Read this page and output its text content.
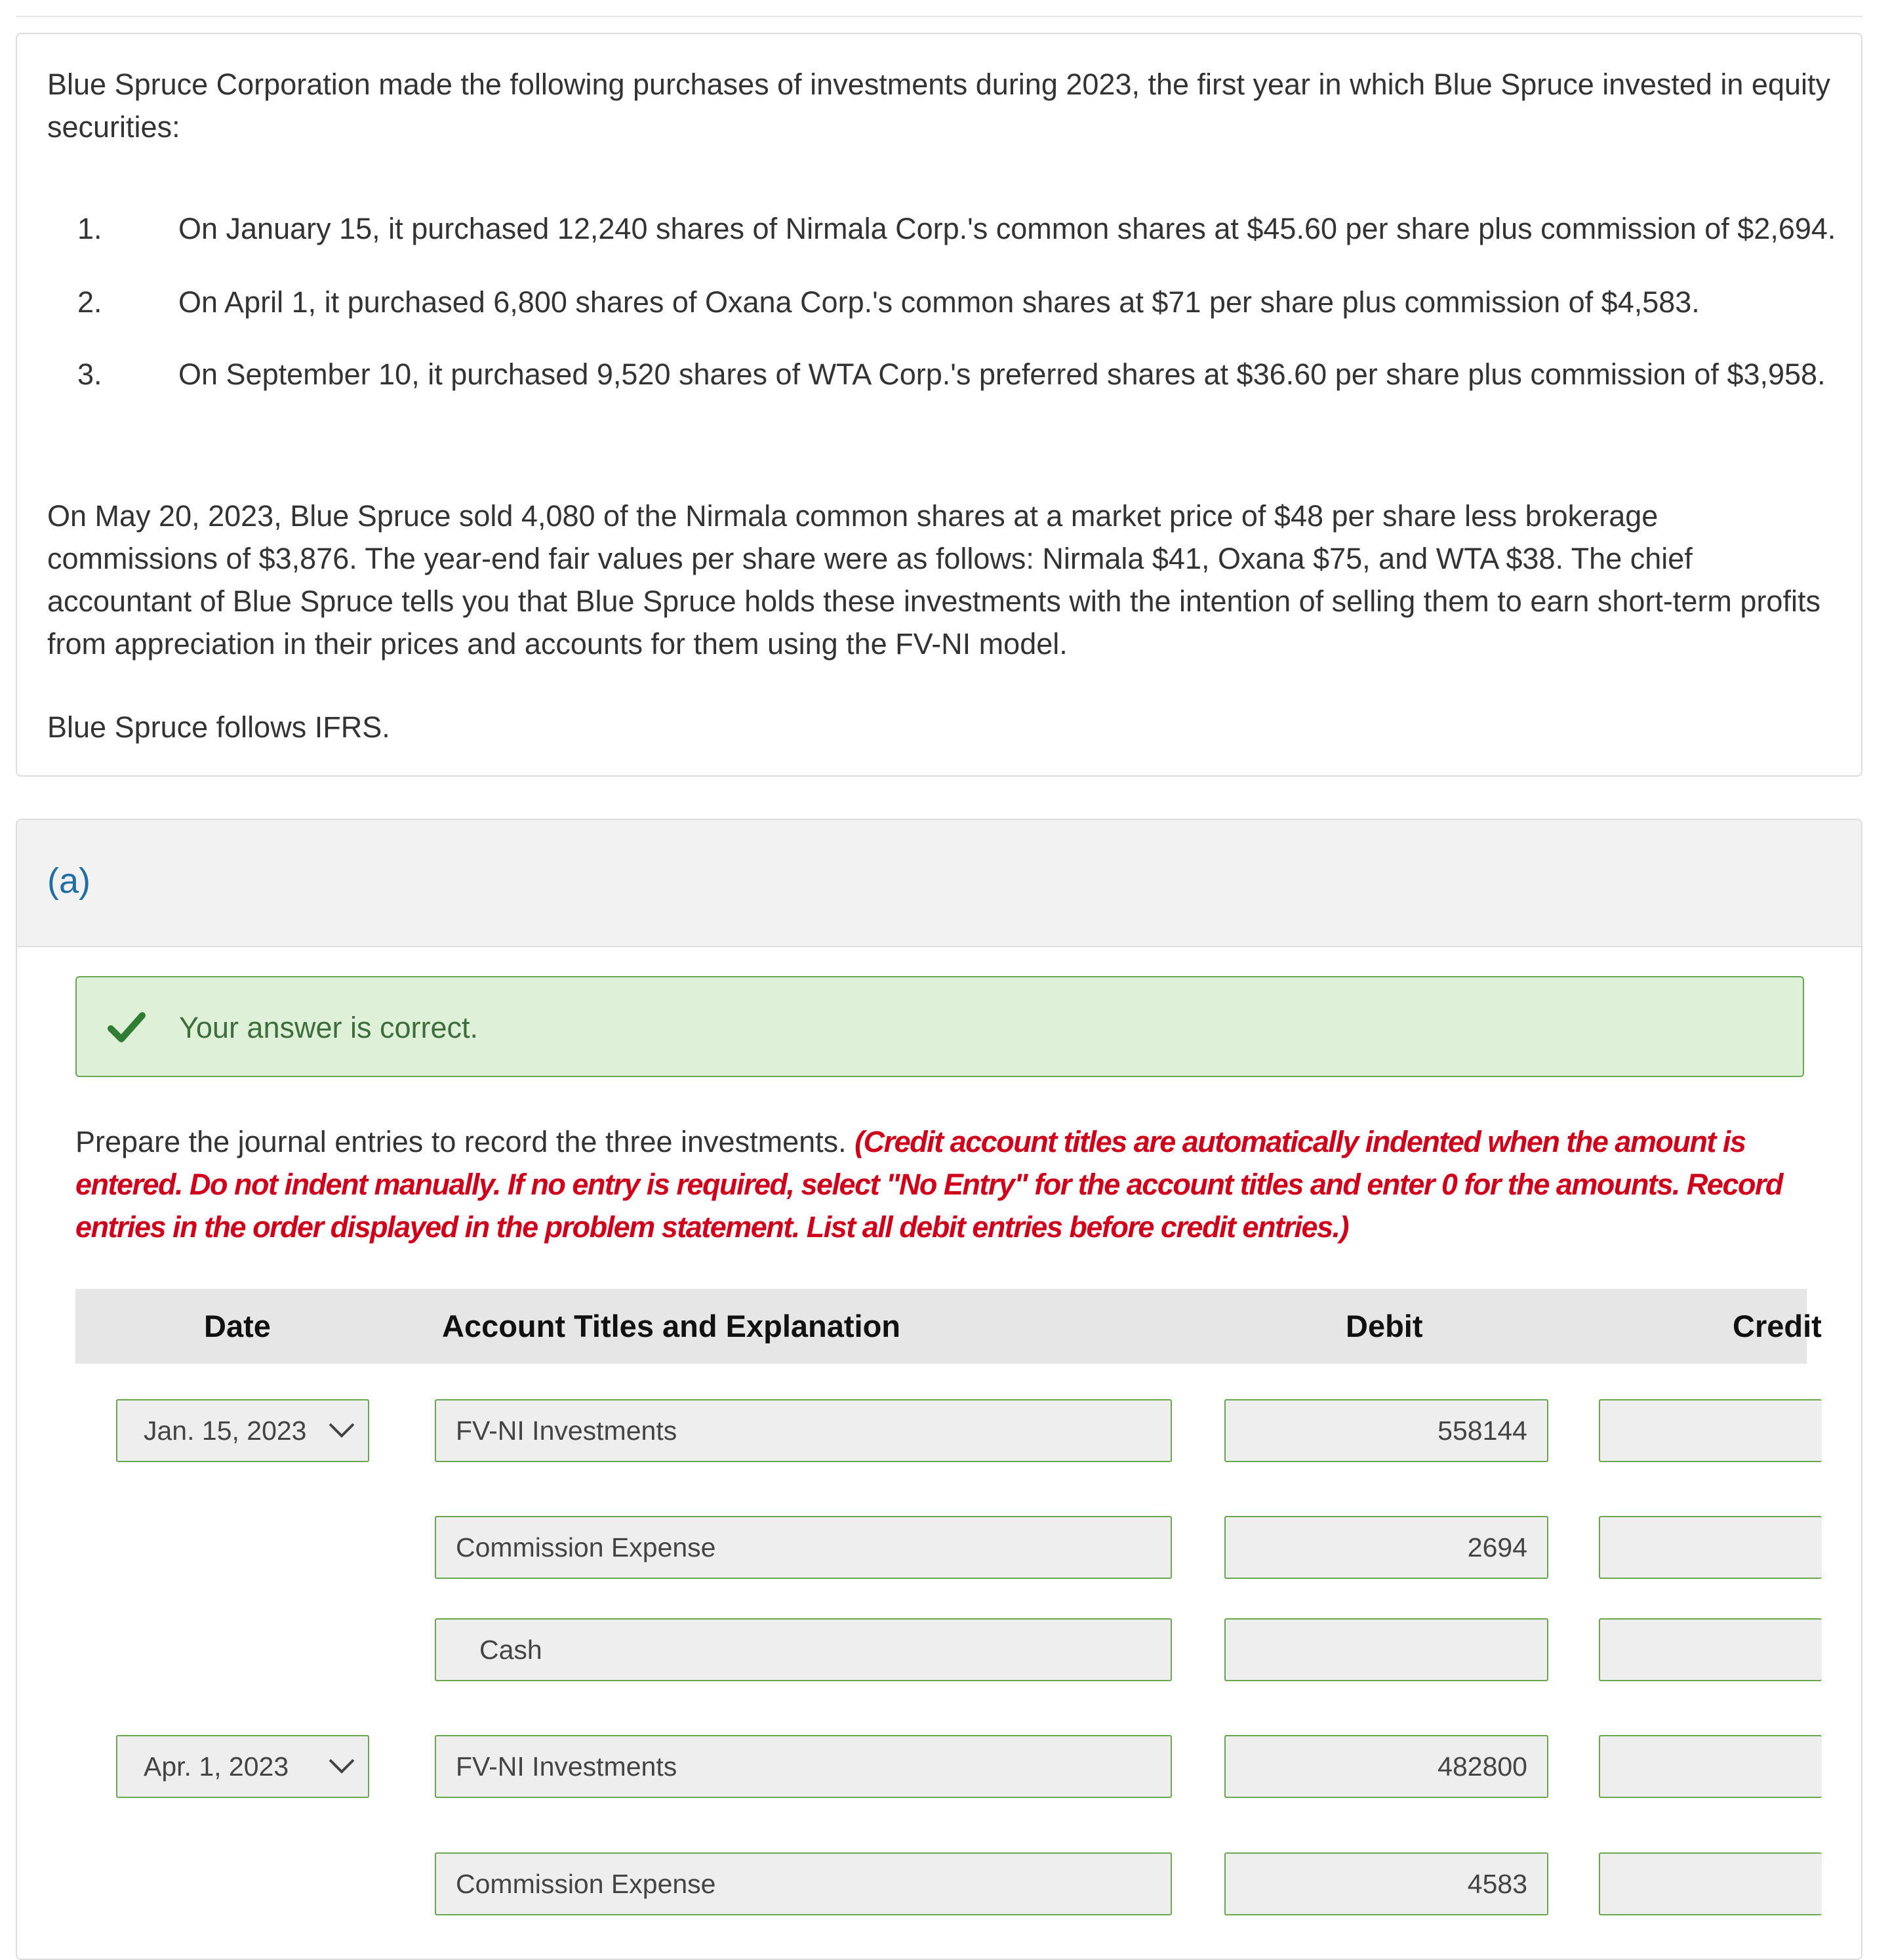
Blue Spruce Corporation made the following purchases of investments during 2023, the first year in which Blue Spruce invested in equity securities:

1.	On January 15, it purchased 12,240 shares of Nirmala Corp.'s common shares at $45.60 per share plus commission of $2,694.
2.	On April 1, it purchased 6,800 shares of Oxana Corp.'s common shares at $71 per share plus commission of $4,583.
3.	On September 10, it purchased 9,520 shares of WTA Corp.'s preferred shares at $36.60 per share plus commission of $3,958.

On May 20, 2023, Blue Spruce sold 4,080 of the Nirmala common shares at a market price of $48 per share less brokerage commissions of $3,876. The year-end fair values per share were as follows: Nirmala $41, Oxana $75, and WTA $38. The chief accountant of Blue Spruce tells you that Blue Spruce holds these investments with the intention of selling them to earn short-term profits from appreciation in their prices and accounts for them using the FV-NI model.

Blue Spruce follows IFRS.

(a)
Your answer is correct.

Prepare the journal entries to record the three investments. (Credit account titles are automatically indented when the amount is entered. Do not indent manually. If no entry is required, select "No Entry" for the account titles and enter 0 for the amounts. Record entries in the order displayed in the problem statement. List all debit entries before credit entries.)

Date	Account Titles and Explanation	Debit	Credit
Jan. 15, 2023	FV-NI Investments	558144
Commission Expense	2694
Cash
Apr. 1, 2023	FV-NI Investments	482800
Commission Expense	4583
